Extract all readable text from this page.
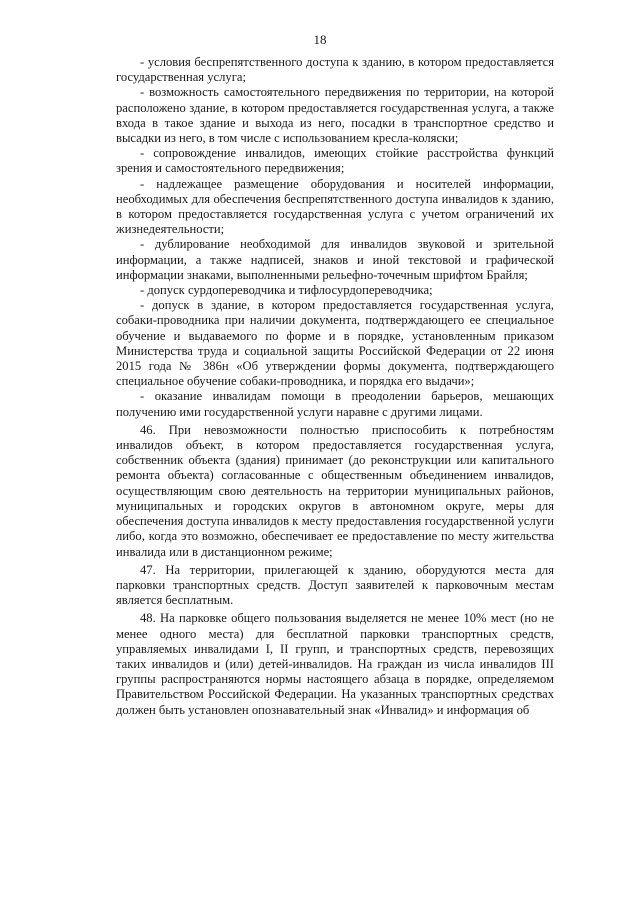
18

- условия беспрепятственного доступа к зданию, в котором предоставляется государственная услуга;

- возможность самостоятельного передвижения по территории, на которой расположено здание, в котором предоставляется государственная услуга, а также входа в такое здание и выхода из него, посадки в транспортное средство и высадки из него, в том числе с использованием кресла-коляски;

- сопровождение инвалидов, имеющих стойкие расстройства функций зрения и самостоятельного передвижения;

- надлежащее размещение оборудования и носителей информации, необходимых для обеспечения беспрепятственного доступа инвалидов к зданию, в котором предоставляется государственная услуга с учетом ограничений их жизнедеятельности;

- дублирование необходимой для инвалидов звуковой и зрительной информации, а также надписей, знаков и иной текстовой и графической информации знаками, выполненными рельефно-точечным шрифтом Брайля;

- допуск сурдопереводчика и тифлосурдопереводчика;

- допуск в здание, в котором предоставляется государственная услуга, собаки-проводника при наличии документа, подтверждающего ее специальное обучение и выдаваемого по форме и в порядке, установленным приказом Министерства труда и социальной защиты Российской Федерации от 22 июня 2015 года № 386н «Об утверждении формы документа, подтверждающего специальное обучение собаки-проводника, и порядка его выдачи»;

- оказание инвалидам помощи в преодолении барьеров, мешающих получению ими государственной услуги наравне с другими лицами.

46. При невозможности полностью приспособить к потребностям инвалидов объект, в котором предоставляется государственная услуга, собственник объекта (здания) принимает (до реконструкции или капитального ремонта объекта) согласованные с общественным объединением инвалидов, осуществляющим свою деятельность на территории муниципальных районов, муниципальных и городских округов в автономном округе, меры для обеспечения доступа инвалидов к месту предоставления государственной услуги либо, когда это возможно, обеспечивает ее предоставление по месту жительства инвалида или в дистанционном режиме;

47. На территории, прилегающей к зданию, оборудуются места для парковки транспортных средств. Доступ заявителей к парковочным местам является бесплатным.

48. На парковке общего пользования выделяется не менее 10% мест (но не менее одного места) для бесплатной парковки транспортных средств, управляемых инвалидами I, II групп, и транспортных средств, перевозящих таких инвалидов и (или) детей-инвалидов. На граждан из числа инвалидов III группы распространяются нормы настоящего абзаца в порядке, определяемом Правительством Российской Федерации. На указанных транспортных средствах должен быть установлен опознавательный знак «Инвалид» и информация об
